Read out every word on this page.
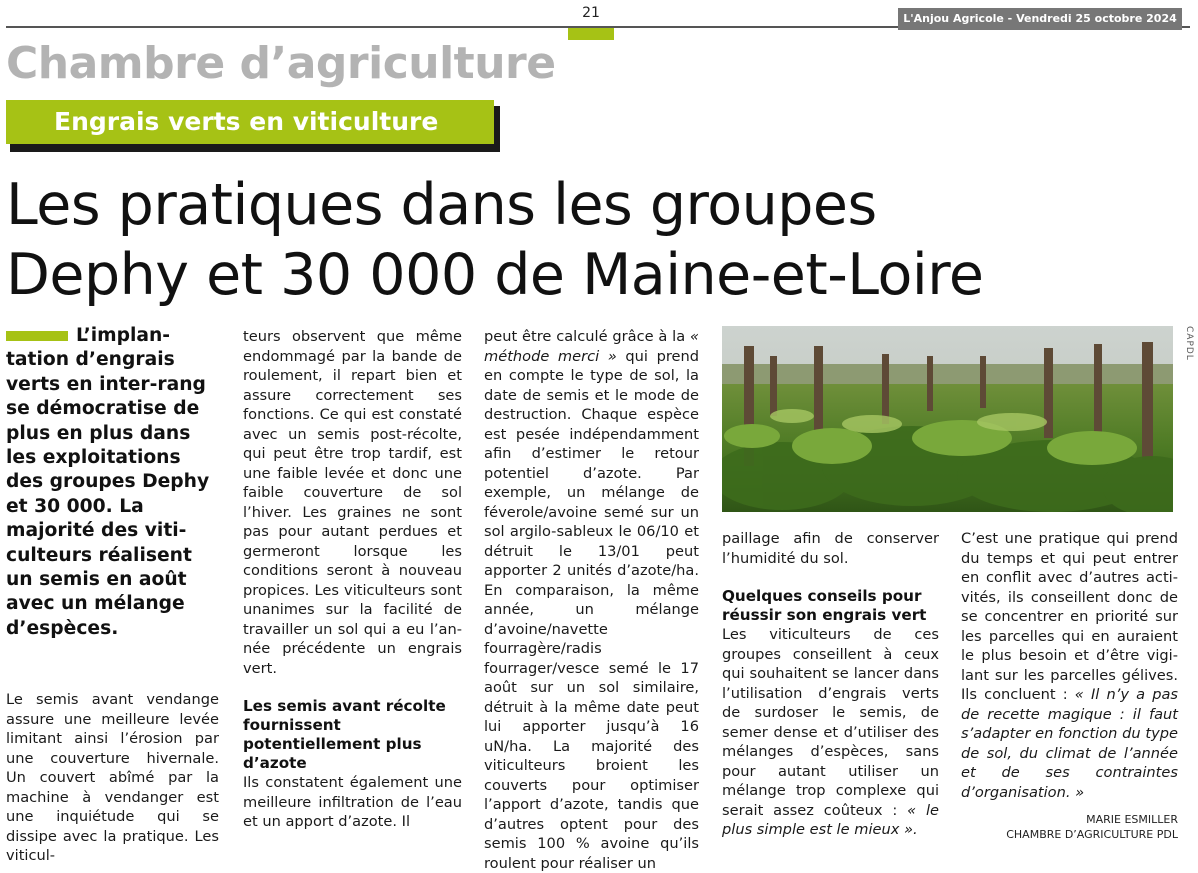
21	L'Anjou Agricole - Vendredi 25 octobre 2024
Chambre d’agriculture
Engrais verts en viticulture
Les pratiques dans les groupes
Dephy et 30 000 de Maine-et-Loire

L’implantation d’engrais verts en inter-rang se démocratise de plus en plus dans les exploitations des groupes Dephy et 30 000. La majorité des viticulteurs réalisent un semis en août avec un mélange d’espèces.

Le semis avant vendange assure une meilleure levée limitant ainsi l’érosion par une couverture hivernale. Un couvert abîmé par la machine à vendanger est une inquiétude qui se dissipe avec la pratique. Les viticul-

teurs observent que même endommagé par la bande de roulement, il repart bien et assure correctement ses fonctions. Ce qui est constaté avec un semis post-récolte, qui peut être trop tardif, est une faible levée et donc une faible couverture de sol l’hiver. Les graines ne sont pas pour autant perdues et germeront lorsque les conditions seront à nouveau propices. Les viticulteurs sont unanimes sur la facilité de travailler un sol qui a eu l’année précédente un engrais vert.

Les semis avant récolte fournissent potentiellement plus d’azote

Ils constatent également une meilleure infiltration de l’eau et un apport d’azote. Il

peut être calculé grâce à la « méthode merci » qui prend en compte le type de sol, la date de semis et le mode de destruction. Chaque espèce est pesée indépendamment afin d’estimer le retour potentiel d’azote. Par exemple, un mélange de féverole/avoine semé sur un sol argilo-sableux le 06/10 et détruit le 13/01 peut apporter 2 unités d’azote/ha. En comparaison, la même année, un mélange d’avoine/navette fourragère/radis fourrager/vesce semé le 17 août sur un sol similaire, détruit à la même date peut lui apporter jusqu’à 16 uN/ha. La majorité des viticulteurs broient les couverts pour optimiser l’apport d’azote, tandis que d’autres optent pour des semis 100 % avoine qu’ils roulent pour réaliser un

CAPDL

paillage afin de conserver l’humidité du sol.

Quelques conseils pour réussir son engrais vert

Les viticulteurs de ces groupes conseillent à ceux qui souhaitent se lancer dans l’utilisation d’engrais verts de surdoser le semis, de semer dense et d’utiliser des mélanges d’espèces, sans pour autant utiliser un mélange trop complexe qui serait assez coûteux : « le plus simple est le mieux ».

C’est une pratique qui prend du temps et qui peut entrer en conflit avec d’autres activités, ils conseillent donc de se concentrer en priorité sur les parcelles qui en auraient le plus besoin et d’être vigilant sur les parcelles gélives. Ils concluent : « Il n’y a pas de recette magique : il faut s’adapter en fonction du type de sol, du climat de l’année et de ses contraintes d’organisation. »

MARIE ESMILLER
CHAMBRE D’AGRICULTURE PDL
